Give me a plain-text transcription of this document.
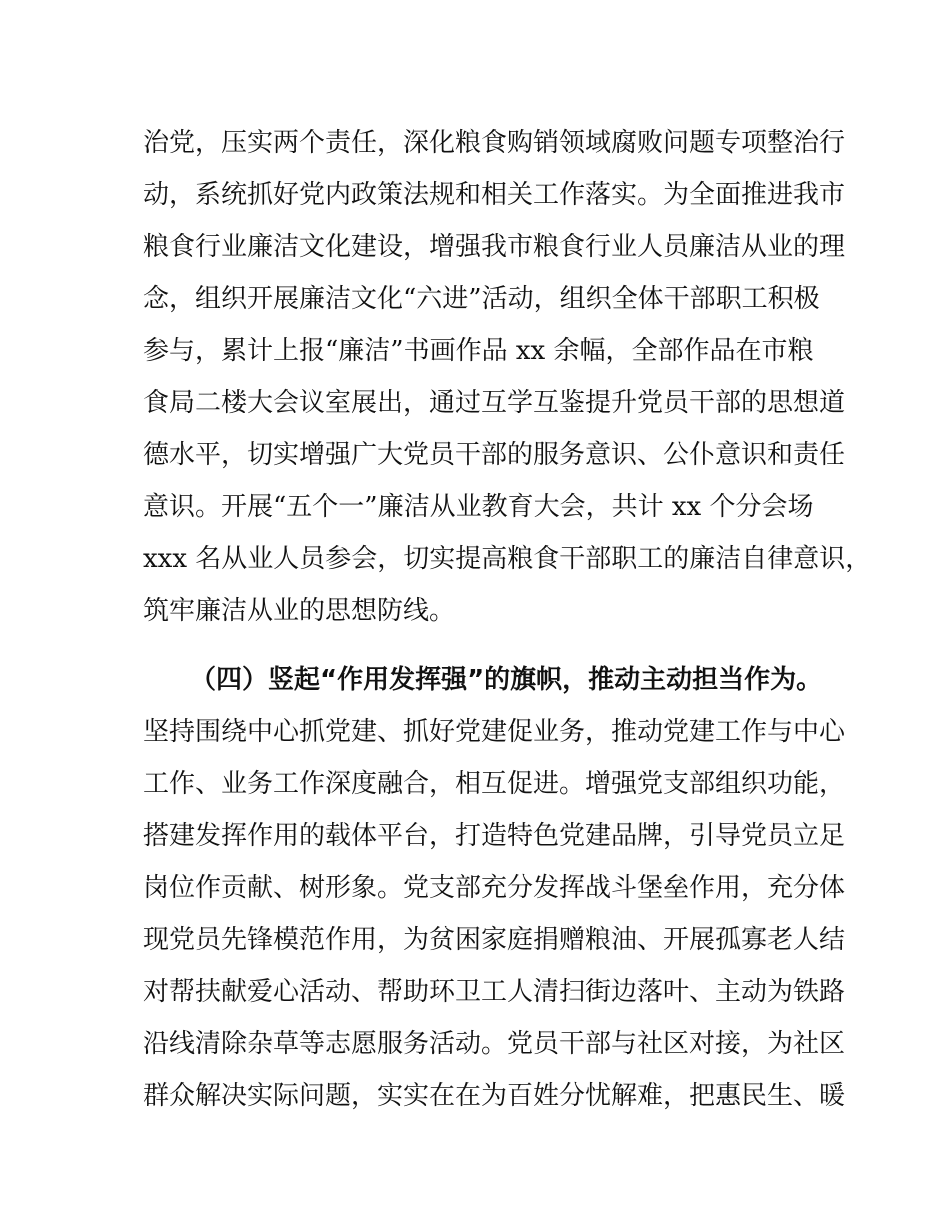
治党，压实两个责任，深化粮食购销领域腐败问题专项整治行
动，系统抓好党内政策法规和相关工作落实。为全面推进我市
粮食行业廉洁文化建设，增强我市粮食行业人员廉洁从业的理
念，组织开展廉洁文化“六进”活动，组织全体干部职工积极
参与，累计上报“廉洁”书画作品 xx 余幅，全部作品在市粮
食局二楼大会议室展出，通过互学互鉴提升党员干部的思想道
德水平，切实增强广大党员干部的服务意识、公仆意识和责任
意识。开展“五个一”廉洁从业教育大会，共计 xx 个分会场
xxx 名从业人员参会，切实提高粮食干部职工的廉洁自律意识，
筑牢廉洁从业的思想防线。
（四）竖起“作用发挥强”的旗帜，推动主动担当作为。
坚持围绕中心抓党建、抓好党建促业务，推动党建工作与中心
工作、业务工作深度融合，相互促进。增强党支部组织功能，
搭建发挥作用的载体平台，打造特色党建品牌，引导党员立足
岗位作贡献、树形象。党支部充分发挥战斗堡垒作用，充分体
现党员先锋模范作用，为贫困家庭捐赠粮油、开展孤寡老人结
对帮扶献爱心活动、帮助环卫工人清扫街边落叶、主动为铁路
沿线清除杂草等志愿服务活动。党员干部与社区对接，为社区
群众解决实际问题，实实在在为百姓分忧解难，把惠民生、暖
